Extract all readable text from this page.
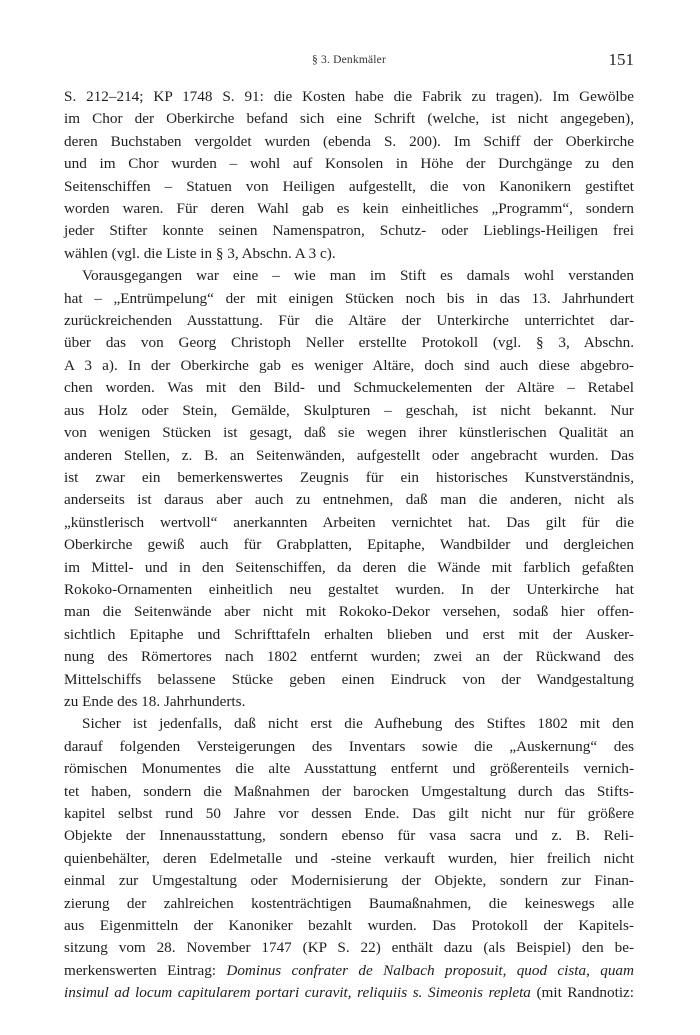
§ 3. Denkmäler	151

S. 212–214; KP 1748 S. 91: die Kosten habe die Fabrik zu tragen). Im Gewölbe
im Chor der Oberkirche befand sich eine Schrift (welche, ist nicht angegeben),
deren Buchstaben vergoldet wurden (ebenda S. 200). Im Schiff der Oberkirche
und im Chor wurden – wohl auf Konsolen in Höhe der Durchgänge zu den
Seitenschiffen – Statuen von Heiligen aufgestellt, die von Kanonikern gestiftet
worden waren. Für deren Wahl gab es kein einheitliches „Programm“, sondern
jeder Stifter konnte seinen Namenspatron, Schutz- oder Lieblings-Heiligen frei
wählen (vgl. die Liste in § 3, Abschn. A 3 c).

Vorausgegangen war eine – wie man im Stift es damals wohl verstanden
hat – „Entrümpelung“ der mit einigen Stücken noch bis in das 13. Jahrhundert
zurückreichenden Ausstattung. Für die Altäre der Unterkirche unterrichtet dar-
über das von Georg Christoph Neller erstellte Protokoll (vgl. § 3, Abschn.
A 3 a). In der Oberkirche gab es weniger Altäre, doch sind auch diese abgebro-
chen worden. Was mit den Bild- und Schmuckelementen der Altäre – Retabel
aus Holz oder Stein, Gemälde, Skulpturen – geschah, ist nicht bekannt. Nur
von wenigen Stücken ist gesagt, daß sie wegen ihrer künstlerischen Qualität an
anderen Stellen, z. B. an Seitenwänden, aufgestellt oder angebracht wurden. Das
ist zwar ein bemerkenswertes Zeugnis für ein historisches Kunstverständnis,
anderseits ist daraus aber auch zu entnehmen, daß man die anderen, nicht als
„künstlerisch wertvoll“ anerkannten Arbeiten vernichtet hat. Das gilt für die
Oberkirche gewiß auch für Grabplatten, Epitaphe, Wandbilder und dergleichen
im Mittel- und in den Seitenschiffen, da deren die Wände mit farblich gefaßten
Rokoko-Ornamenten einheitlich neu gestaltet wurden. In der Unterkirche hat
man die Seitenwände aber nicht mit Rokoko-Dekor versehen, sodaß hier offen-
sichtlich Epitaphe und Schrifttafeln erhalten blieben und erst mit der Ausker-
nung des Römertores nach 1802 entfernt wurden; zwei an der Rückwand des
Mittelschiffs belassene Stücke geben einen Eindruck von der Wandgestaltung
zu Ende des 18. Jahrhunderts.

Sicher ist jedenfalls, daß nicht erst die Aufhebung des Stiftes 1802 mit den
darauf folgenden Versteigerungen des Inventars sowie die „Auskernung“ des
römischen Monumentes die alte Ausstattung entfernt und größerenteils vernich-
tet haben, sondern die Maßnahmen der barocken Umgestaltung durch das Stifts-
kapitel selbst rund 50 Jahre vor dessen Ende. Das gilt nicht nur für größere
Objekte der Innenausstattung, sondern ebenso für vasa sacra und z. B. Reli-
quienbehälter, deren Edelmetalle und -steine verkauft wurden, hier freilich nicht
einmal zur Umgestaltung oder Modernisierung der Objekte, sondern zur Finan-
zierung der zahlreichen kostenträchtigen Baumaßnahmen, die keineswegs alle
aus Eigenmitteln der Kanoniker bezahlt wurden. Das Protokoll der Kapitels-
sitzung vom 28. November 1747 (KP S. 22) enthält dazu (als Beispiel) den be-
merkenswerten Eintrag: Dominus confrater de Nalbach proposuit, quod cista, quam
insimul ad locum capitularem portari curavit, reliquiis s. Simeonis repleta (mit Randnotiz:
